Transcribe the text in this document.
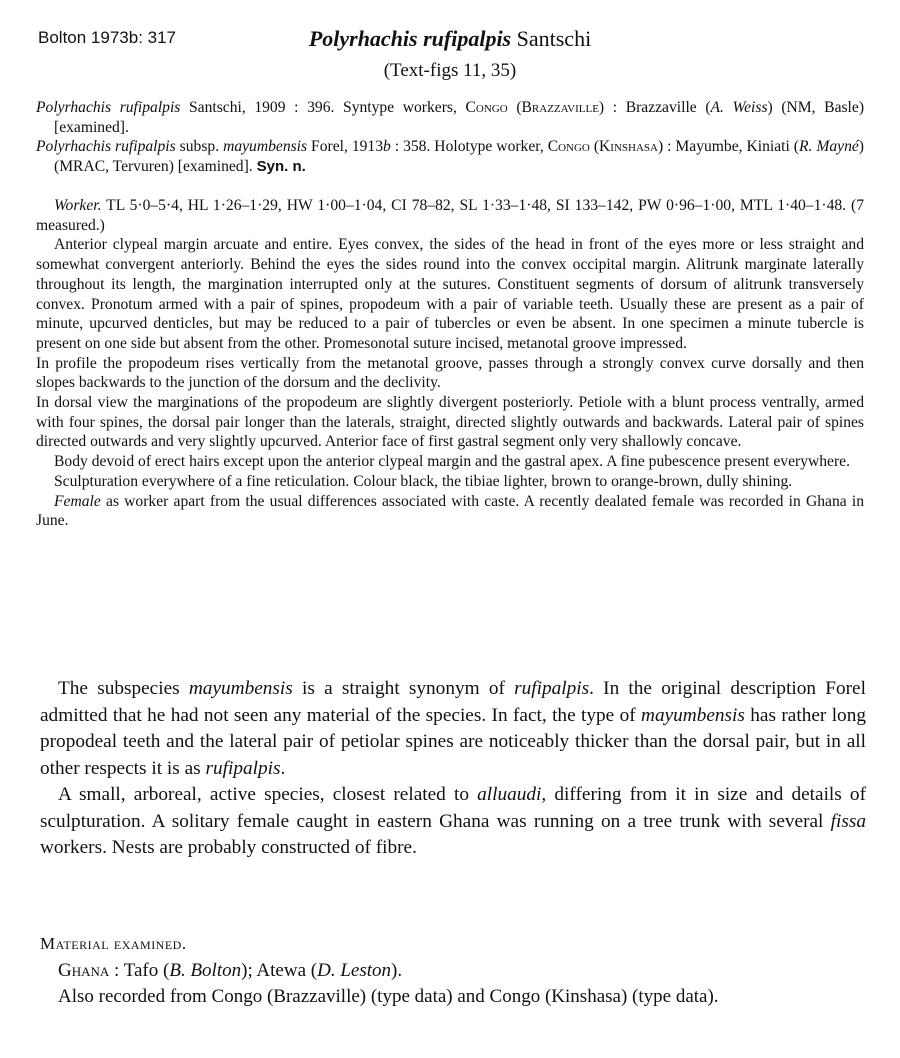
Bolton 1973b: 317	Polyrhachis rufipalpis Santschi
(Text-figs 11, 35)

Polyrhachis rufipalpis Santschi, 1909 : 396. Syntype workers, Congo (Brazzaville) : Brazzaville (A. Weiss) (NM, Basle) [examined].

Polyrhachis rufipalpis subsp. mayumbensis Forel, 1913b : 358. Holotype worker, Congo (Kinshasa) : Mayumbe, Kiniati (R. Mayné) (MRAC, Tervuren) [examined]. Syn. n.

Worker. TL 5·0–5·4, HL 1·26–1·29, HW 1·00–1·04, CI 78–82, SL 1·33–1·48, SI 133–142, PW 0·96–1·00, MTL 1·40–1·48. (7 measured.)

Anterior clypeal margin arcuate and entire. Eyes convex, the sides of the head in front of the eyes more or less straight and somewhat convergent anteriorly. Behind the eyes the sides round into the convex occipital margin. Alitrunk marginate laterally throughout its length, the margination interrupted only at the sutures. Constituent segments of dorsum of alitrunk transversely convex. Pronotum armed with a pair of spines, propodeum with a pair of variable teeth. Usually these are present as a pair of minute, upcurved denticles, but may be reduced to a pair of tubercles or even be absent. In one specimen a minute tubercle is present on one side but absent from the other. Promesonotal suture incised, metanotal groove impressed.

In profile the propodeum rises vertically from the metanotal groove, passes through a strongly convex curve dorsally and then slopes backwards to the junction of the dorsum and the declivity.

In dorsal view the marginations of the propodeum are slightly divergent posteriorly. Petiole with a blunt process ventrally, armed with four spines, the dorsal pair longer than the laterals, straight, directed slightly outwards and backwards. Lateral pair of spines directed outwards and very slightly upcurved. Anterior face of first gastral segment only very shallowly concave.

Body devoid of erect hairs except upon the anterior clypeal margin and the gastral apex. A fine pubescence present everywhere.

Sculpturation everywhere of a fine reticulation. Colour black, the tibiae lighter, brown to orange-brown, dully shining.

Female as worker apart from the usual differences associated with caste. A recently dealated female was recorded in Ghana in June.

The subspecies mayumbensis is a straight synonym of rufipalpis. In the original description Forel admitted that he had not seen any material of the species. In fact, the type of mayumbensis has rather long propodeal teeth and the lateral pair of petiolar spines are noticeably thicker than the dorsal pair, but in all other respects it is as rufipalpis.

A small, arboreal, active species, closest related to alluaudi, differing from it in size and details of sculpturation. A solitary female caught in eastern Ghana was running on a tree trunk with several fissa workers. Nests are probably constructed of fibre.

Material examined.

Ghana : Tafo (B. Bolton); Atewa (D. Leston).

Also recorded from Congo (Brazzaville) (type data) and Congo (Kinshasa) (type data).
